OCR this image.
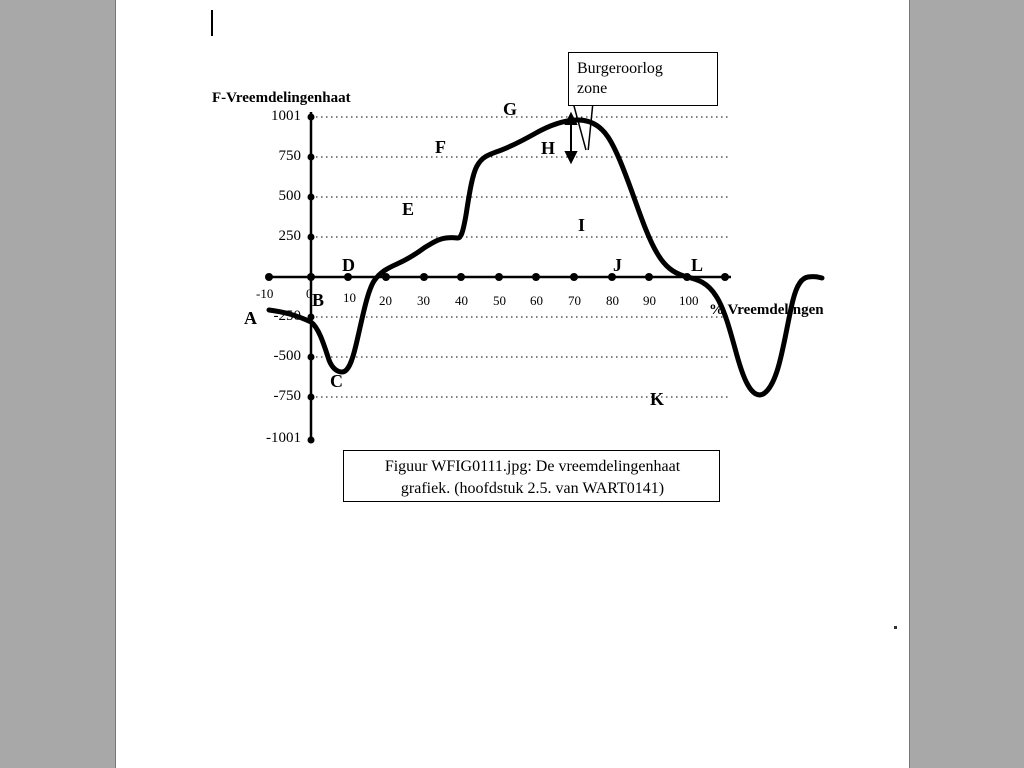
F-Vreemdelingenhaat
% Vreemdelingen
1001
750
500
250
-250
-500
-750
-1001
-10	0 10 20 30 40 50 60 70 80 90 100
A
B
C
D
E
F
G
H
I
J
K
L
Burgeroorlog
zone
Figuur WFIG0111.jpg: De vreemdelingenhaat
grafiek. (hoofdstuk 2.5. van WART0141)
